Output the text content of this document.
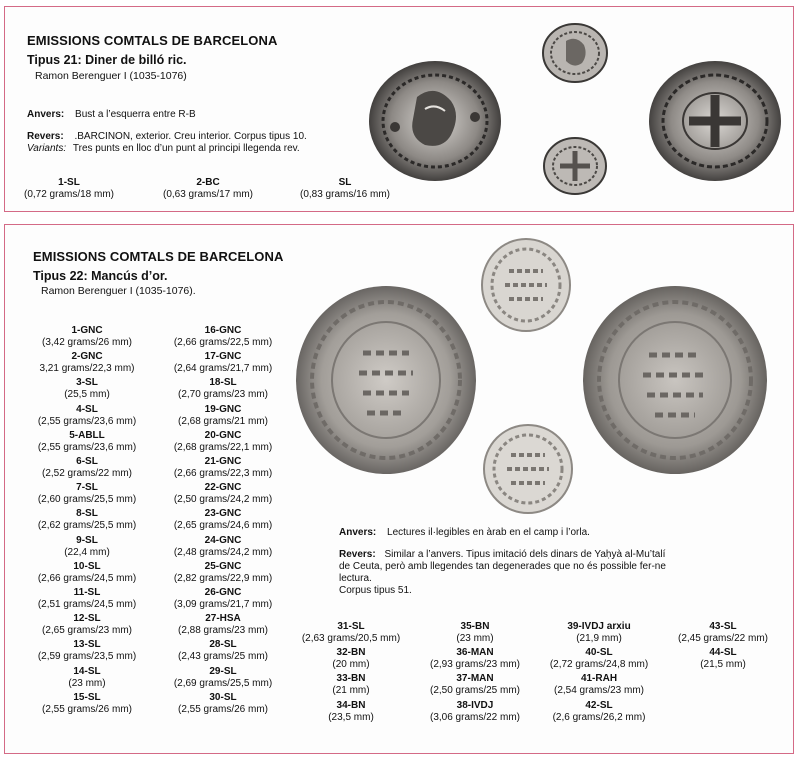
EMISSIONS COMTALS DE BARCELONA
Tipus 21: Diner de billó ric.
Ramon Berenguer I (1035-1076)
Anvers: Bust a l’esquerra entre R-B
Revers: .BARCINON, exterior. Creu interior. Corpus tipus 10.
Variants: Tres punts en lloc d’un punt al principi llegenda rev.
1-SL
(0,72 grams/18 mm)
2-BC
(0,63 grams/17 mm)
SL
(0,83 grams/16 mm)
EMISSIONS COMTALS DE BARCELONA
Tipus 22: Mancús d’or.
Ramon Berenguer I (1035-1076).
Anvers: Lectures il·legibles en àrab en el camp i l’orla.
Revers: Similar a l’anvers. Tipus imitació dels dinars de Yaḥyà al-Mu’talí
de Ceuta, però amb llegendes tan degenerades que no és possible fer-ne
lectura.
Corpus tipus 51.
1-GNC
(3,42 grams/26 mm)
2-GNC
3,21 grams/22,3 mm)
3-SL
(25,5 mm)
4-SL
(2,55 grams/23,6 mm)
5-ABLL
(2,55 grams/23,6 mm)
6-SL
(2,52 grams/22 mm)
7-SL
(2,60 grams/25,5 mm)
8-SL
(2,62 grams/25,5 mm)
9-SL
(22,4 mm)
10-SL
(2,66 grams/24,5 mm)
11-SL
(2,51 grams/24,5 mm)
12-SL
(2,65 grams/23 mm)
13-SL
(2,59 grams/23,5 mm)
14-SL
(23 mm)
15-SL
(2,55 grams/26 mm)
16-GNC
(2,66 grams/22,5 mm)
17-GNC
(2,64 grams/21,7 mm)
18-SL
(2,70 grams/23 mm)
19-GNC
(2,68 grams/21 mm)
20-GNC
(2,68 grams/22,1 mm)
21-GNC
(2,66 grams/22,3 mm)
22-GNC
(2,50 grams/24,2 mm)
23-GNC
(2,65 grams/24,6 mm)
24-GNC
(2,48 grams/24,2 mm)
25-GNC
(2,82 grams/22,9 mm)
26-GNC
(3,09 grams/21,7 mm)
27-HSA
(2,88 grams/23 mm)
28-SL
(2,43 grams/25 mm)
29-SL
(2,69 grams/25,5 mm)
30-SL
(2,55 grams/26 mm)
31-SL
(2,63 grams/20,5 mm)
32-BN
(20 mm)
33-BN
(21 mm)
34-BN
(23,5 mm)
35-BN
(23 mm)
36-MAN
(2,93 grams/23 mm)
37-MAN
(2,50 grams/25 mm)
38-IVDJ
(3,06 grams/22 mm)
39-IVDJ arxiu
(21,9 mm)
40-SL
(2,72 grams/24,8 mm)
41-RAH
(2,54 grams/23 mm)
42-SL
(2,6 grams/26,2 mm)
43-SL
(2,45 grams/22 mm)
44-SL
(21,5 mm)
